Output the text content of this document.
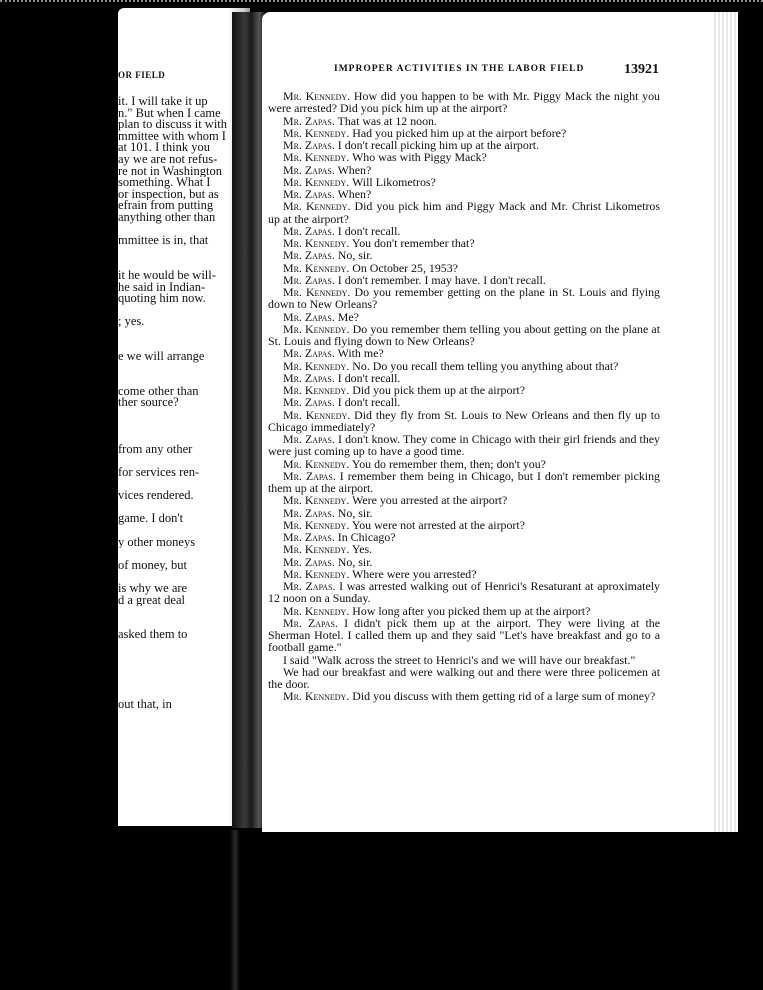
OR FIELD
it. I will take it up
n." But when I came
plan to discuss it with
mmittee with whom I
at 101. I think you
ay we are not refus-
re not in Washington
something. What I
or inspection, but as
efrain from putting
anything other than
mmittee is in, that
it he would be will-
he said in Indian-
quoting him now.
; yes.
e we will arrange
come other than
ther source?
from any other
for services ren-
vices rendered.
game. I don't
y other moneys
of money, but
is why we are
d a great deal
asked them to
out that, in
IMPROPER ACTIVITIES IN THE LABOR FIELD	13921

Mr. Kennedy. How did you happen to be with Mr. Piggy Mack the night you were arrested? Did you pick him up at the airport?

Mr. Zapas. That was at 12 noon.

Mr. Kennedy. Had you picked him up at the airport before?

Mr. Zapas. I don't recall picking him up at the airport.

Mr. Kennedy. Who was with Piggy Mack?

Mr. Zapas. When?

Mr. Kennedy. Will Likometros?

Mr. Zapas. When?

Mr. Kennedy. Did you pick him and Piggy Mack and Mr. Christ Likometros up at the airport?

Mr. Zapas. I don't recall.

Mr. Kennedy. You don't remember that?

Mr. Zapas. No, sir.

Mr. Kennedy. On October 25, 1953?

Mr. Zapas. I don't remember. I may have. I don't recall.

Mr. Kennedy. Do you remember getting on the plane in St. Louis and flying down to New Orleans?

Mr. Zapas. Me?

Mr. Kennedy. Do you remember them telling you about getting on the plane at St. Louis and flying down to New Orleans?

Mr. Zapas. With me?

Mr. Kennedy. No. Do you recall them telling you anything about that?

Mr. Zapas. I don't recall.

Mr. Kennedy. Did you pick them up at the airport?

Mr. Zapas. I don't recall.

Mr. Kennedy. Did they fly from St. Louis to New Orleans and then fly up to Chicago immediately?

Mr. Zapas. I don't know. They come in Chicago with their girl friends and they were just coming up to have a good time.

Mr. Kennedy. You do remember them, then; don't you?

Mr. Zapas. I remember them being in Chicago, but I don't remember picking them up at the airport.

Mr. Kennedy. Were you arrested at the airport?

Mr. Zapas. No, sir.

Mr. Kennedy. You were not arrested at the airport?

Mr. Zapas. In Chicago?

Mr. Kennedy. Yes.

Mr. Zapas. No, sir.

Mr. Kennedy. Where were you arrested?

Mr. Zapas. I was arrested walking out of Henrici's Resaturant at aproximately 12 noon on a Sunday.

Mr. Kennedy. How long after you picked them up at the airport?

Mr. Zapas. I didn't pick them up at the airport. They were living at the Sherman Hotel. I called them up and they said "Let's have breakfast and go to a football game."

I said "Walk across the street to Henrici's and we will have our breakfast."

We had our breakfast and were walking out and there were three policemen at the door.

Mr. Kennedy. Did you discuss with them getting rid of a large sum of money?
